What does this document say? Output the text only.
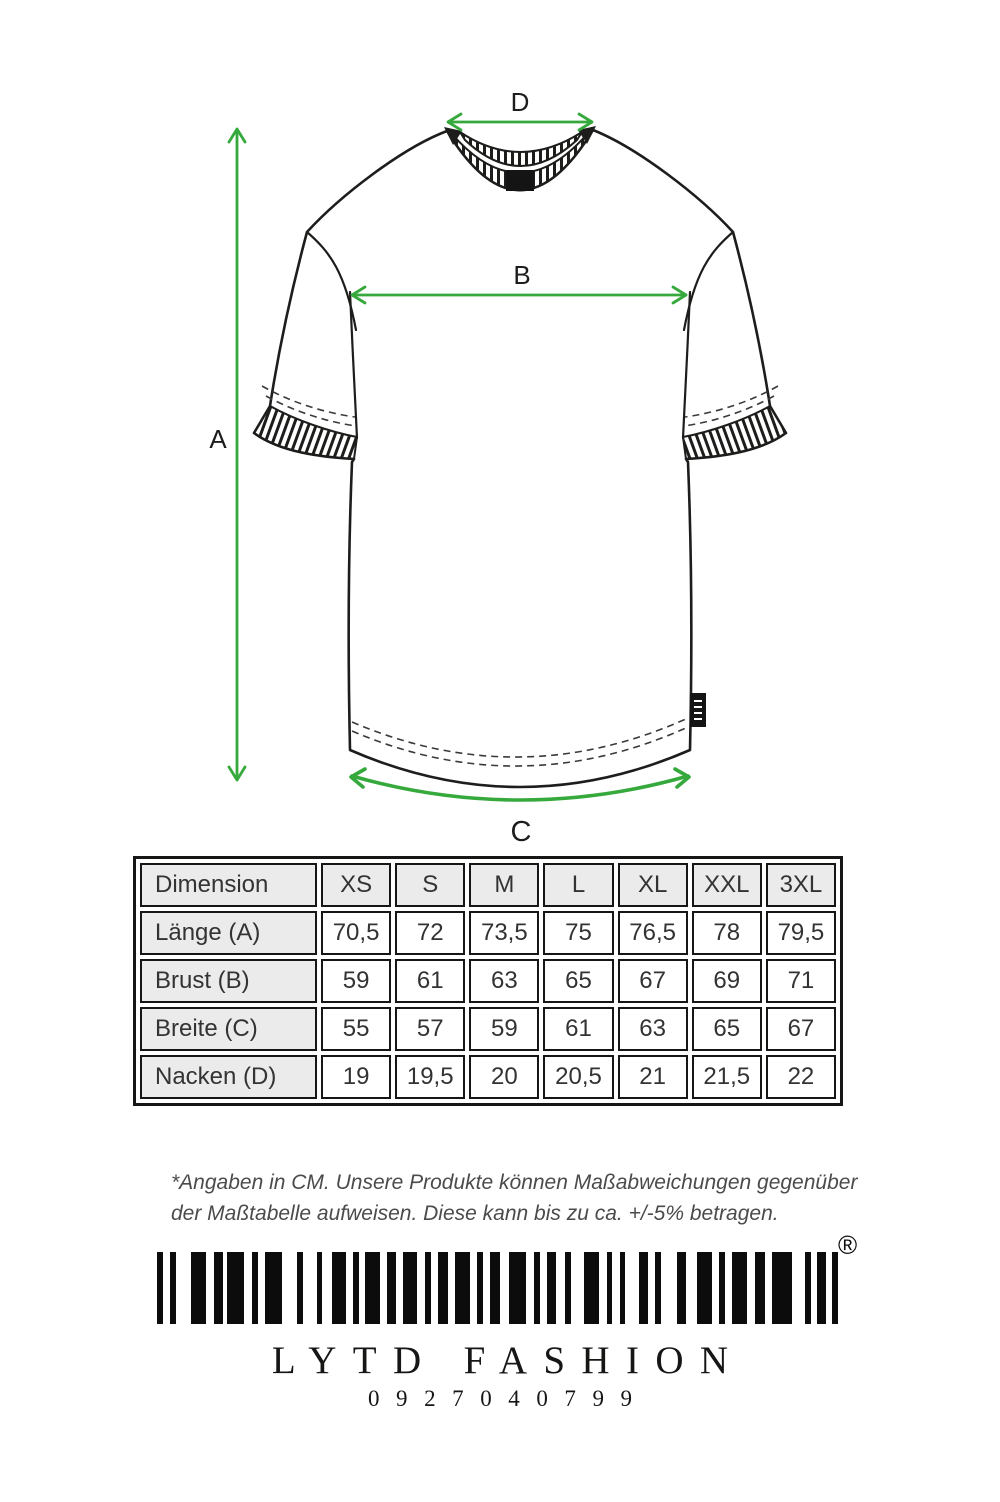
A
B
D
C
Dimension	XS	S	M	L	XL	XXL	3XL
Länge (A)	70,5	72	73,5	75	76,5	78	79,5
Brust (B)	59	61	63	65	67	69	71
Breite (C)	55	57	59	61	63	65	67
Nacken (D)	19	19,5	20	20,5	21	21,5	22
*Angaben in CM. Unsere Produkte können Maßabweichungen gegenüber
der Maßtabelle aufweisen. Diese kann bis zu ca. +/-5% betragen.
®
LYTD FASHION
0927040799
